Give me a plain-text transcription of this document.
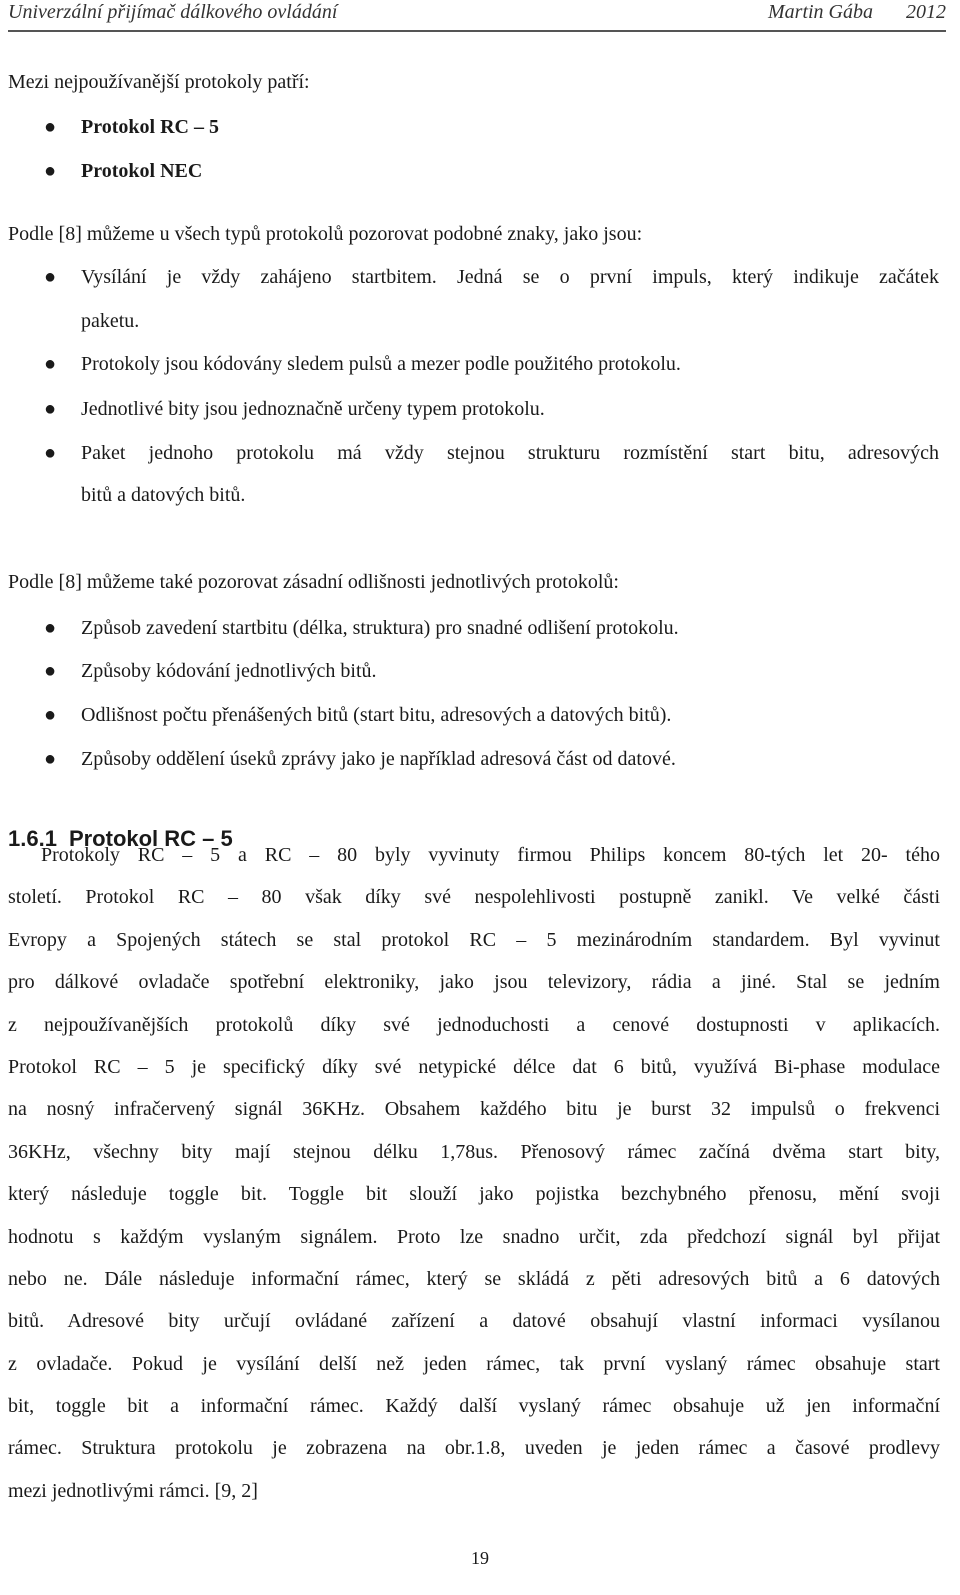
Univerzální přijímač dálkového ovládání	Martin Gába 2012
Mezi nejpoužívanější protokoly patří:
● Protokol RC – 5
● Protokol NEC
Podle [8] můžeme u všech typů protokolů pozorovat podobné znaky, jako jsou:
● Vysílání je vždy zahájeno startbitem. Jedná se o první impuls, který indikuje začátek
paketu.
● Protokoly jsou kódovány sledem pulsů a mezer podle použitého protokolu.
● Jednotlivé bity jsou jednoznačně určeny typem protokolu.
● Paket jednoho protokolu má vždy stejnou strukturu rozmístění start bitu, adresových
bitů a datových bitů.
Podle [8] můžeme také pozorovat zásadní odlišnosti jednotlivých protokolů:
● Způsob zavedení startbitu (délka, struktura) pro snadné odlišení protokolu.
● Způsoby kódování jednotlivých bitů.
● Odlišnost počtu přenášených bitů (start bitu, adresových a datových bitů).
● Způsoby oddělení úseků zprávy jako je například adresová část od datové.
1.6.1 Protokol RC – 5
Protokoly RC – 5 a RC – 80 byly vyvinuty firmou Philips koncem 80-tých let 20- tého
století. Protokol RC – 80 však díky své nespolehlivosti postupně zanikl. Ve velké části
Evropy a Spojených státech se stal protokol RC – 5 mezinárodním standardem. Byl vyvinut
pro dálkové ovladače spotřební elektroniky, jako jsou televizory, rádia a jiné. Stal se jedním
z nejpoužívanějších protokolů díky své jednoduchosti a cenové dostupnosti v aplikacích.
Protokol RC – 5 je specifický díky své netypické délce dat 6 bitů, využívá Bi-phase modulace
na nosný infračervený signál 36KHz. Obsahem každého bitu je burst 32 impulsů o frekvenci
36KHz, všechny bity mají stejnou délku 1,78us. Přenosový rámec začíná dvěma start bity,
který následuje toggle bit. Toggle bit slouží jako pojistka bezchybného přenosu, mění svoji
hodnotu s každým vyslaným signálem. Proto lze snadno určit, zda předchozí signál byl přijat
nebo ne. Dále následuje informační rámec, který se skládá z pěti adresových bitů a 6 datových
bitů. Adresové bity určují ovládané zařízení a datové obsahují vlastní informaci vysílanou
z ovladače. Pokud je vysílání delší než jeden rámec, tak první vyslaný rámec obsahuje start
bit, toggle bit a informační rámec. Každý další vyslaný rámec obsahuje už jen informační
rámec. Struktura protokolu je zobrazena na obr.1.8, uveden je jeden rámec a časové prodlevy
mezi jednotlivými rámci. [9, 2]
19
